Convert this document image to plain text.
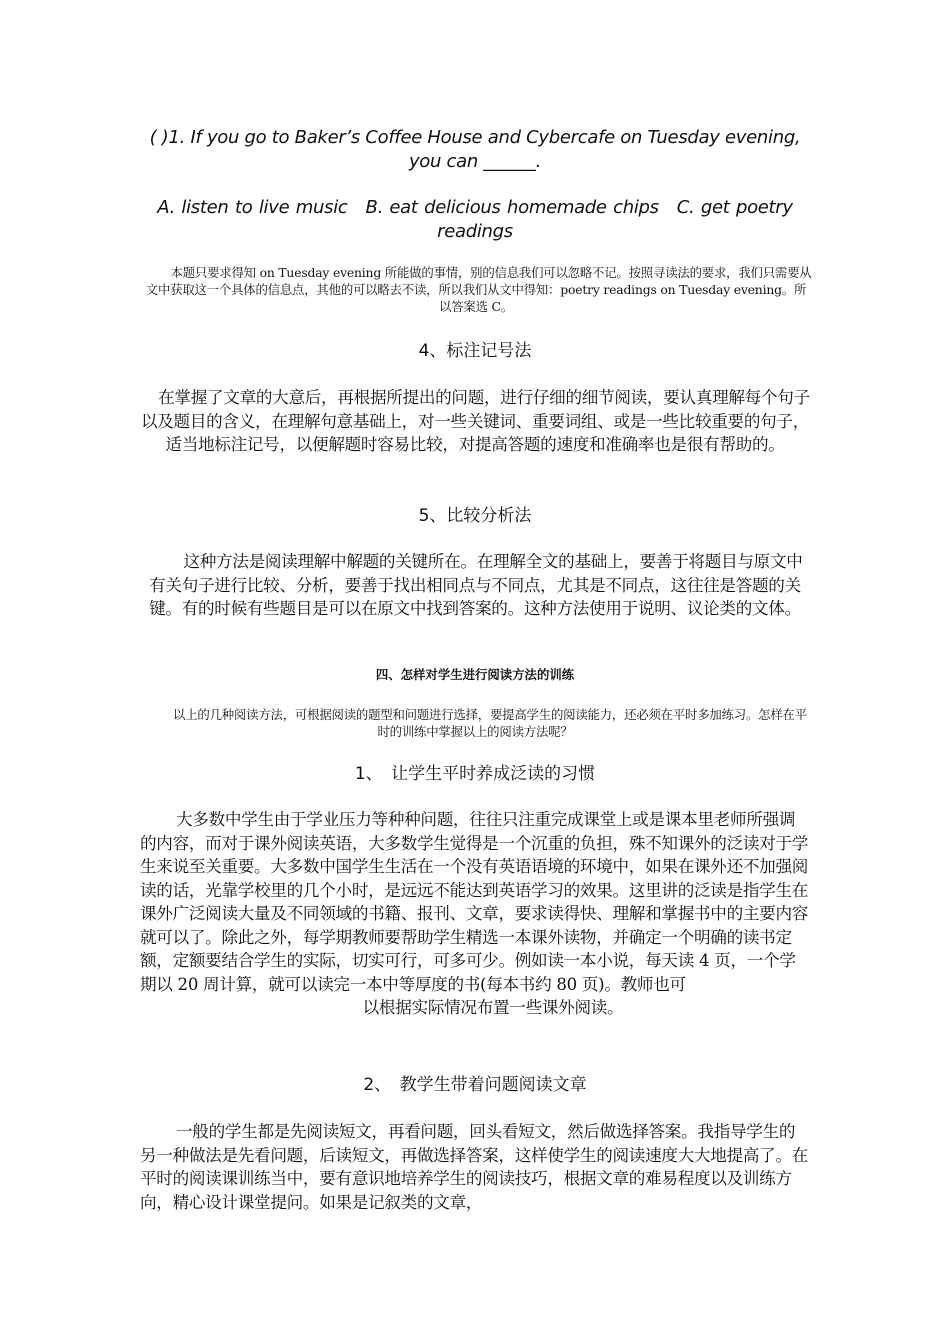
( )1. If you go to Baker’s Coffee House and Cybercafe on Tuesday evening, you can ______.
A. listen to live music B. eat delicious homemade chips C. get poetry readings
本题只要求得知 on Tuesday evening 所能做的事情，别的信息我们可以忽略不记。按照寻读法的要求，我们只需要从文中获取这一个具体的信息点，其他的可以略去不读，所以我们从文中得知：poetry readings on Tuesday evening。所以答案选 C。
4、标注记号法
在掌握了文章的大意后，再根据所提出的问题，进行仔细的细节阅读，要认真理解每个句子以及题目的含义，在理解句意基础上，对一些关键词、重要词组、或是一些比较重要的句子，适当地标注记号，以便解题时容易比较，对提高答题的速度和准确率也是很有帮助的。
5、比较分析法
这种方法是阅读理解中解题的关键所在。在理解全文的基础上，要善于将题目与原文中有关句子进行比较、分析，要善于找出相同点与不同点，尤其是不同点，这往往是答题的关键。有的时候有些题目是可以在原文中找到答案的。这种方法使用于说明、议论类的文体。
四、怎样对学生进行阅读方法的训练
以上的几种阅读方法，可根据阅读的题型和问题进行选择，要提高学生的阅读能力，还必须在平时多加练习。怎样在平时的训练中掌握以上的阅读方法呢？
1、　让学生平时养成泛读的习惯
大多数中学生由于学业压力等种种问题，往往只注重完成课堂上或是课本里老师所强调的内容，而对于课外阅读英语，大多数学生觉得是一个沉重的负担，殊不知课外的泛读对于学生来说至关重要。大多数中国学生生活在一个没有英语语境的环境中，如果在课外还不加强阅读的话，光靠学校里的几个小时，是远远不能达到英语学习的效果。这里讲的泛读是指学生在课外广泛阅读大量及不同领域的书籍、报刊、文章，要求读得快、理解和掌握书中的主要内容就可以了。除此之外，每学期教师要帮助学生精选一本课外读物，并确定一个明确的读书定额，定额要结合学生的实际，切实可行，可多可少。例如读一本小说，每天读 4 页，一个学期以 20 周计算，就可以读完一本中等厚度的书(每本书约 80 页)。教师也可
以根据实际情况布置一些课外阅读。
2、　教学生带着问题阅读文章
一般的学生都是先阅读短文，再看问题，回头看短文，然后做选择答案。我指导学生的另一种做法是先看问题，后读短文，再做选择答案，这样使学生的阅读速度大大地提高了。在平时的阅读课训练当中，要有意识地培养学生的阅读技巧，根据文章的难易程度以及训练方向，精心设计课堂提问。如果是记叙类的文章，
